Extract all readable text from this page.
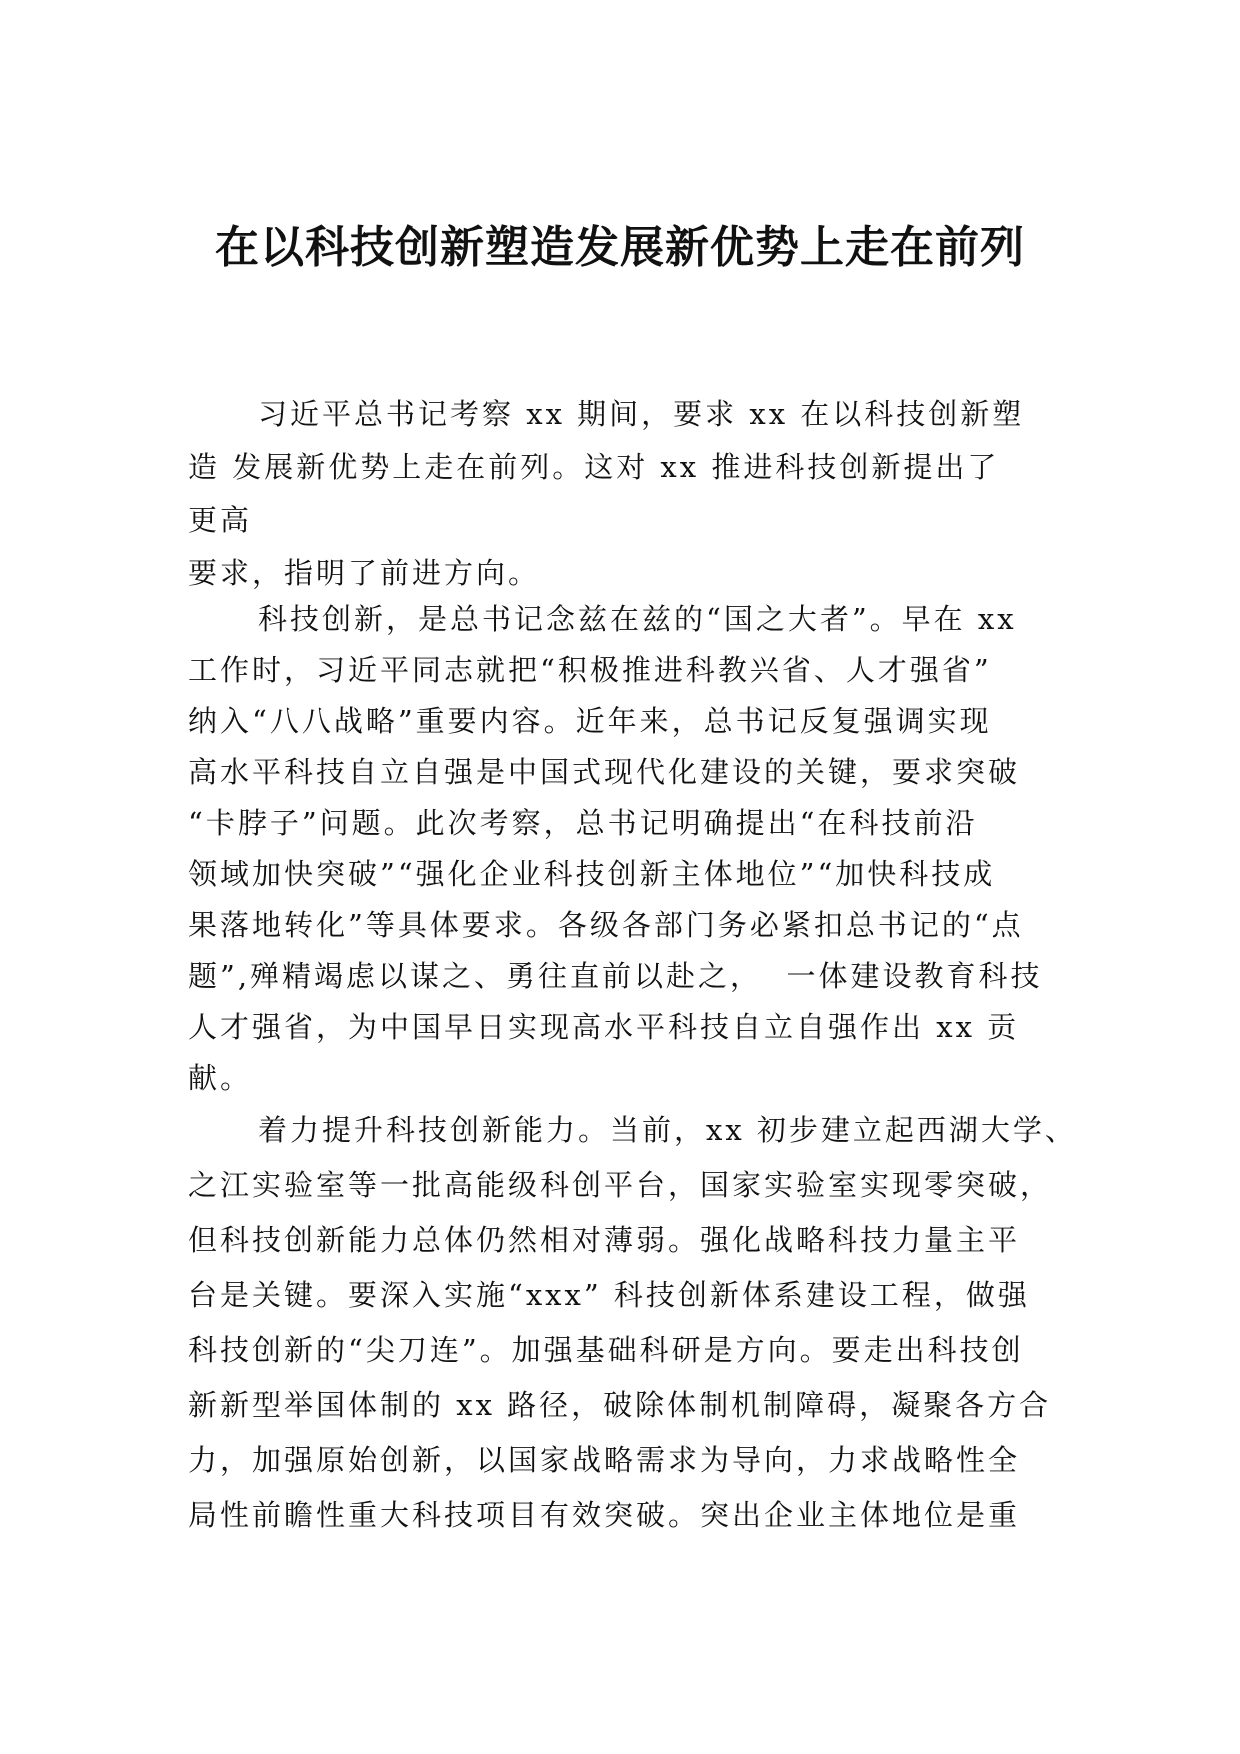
在以科技创新塑造发展新优势上走在前列
习近平总书记考察 xx 期间，要求 xx 在以科技创新塑
造 发展新优势上走在前列。这对 xx 推进科技创新提出了
更高
要求，指明了前进方向。
科技创新，是总书记念兹在兹的“国之大者”。早在 xx
工作时，习近平同志就把“积极推进科教兴省、人才强省”
纳入“八八战略”重要内容。近年来，总书记反复强调实现
高水平科技自立自强是中国式现代化建设的关键，要求突破
“卡脖子”问题。此次考察，总书记明确提出“在科技前沿
领域加快突破”“强化企业科技创新主体地位”“加快科技成
果落地转化”等具体要求。各级各部门务必紧扣总书记的“点
题”,殚精竭虑以谋之、勇往直前以赴之，  一体建设教育科技
人才强省，为中国早日实现高水平科技自立自强作出 xx 贡
献。
着力提升科技创新能力。当前，xx 初步建立起西湖大学、
之江实验室等一批高能级科创平台，国家实验室实现零突破，
但科技创新能力总体仍然相对薄弱。强化战略科技力量主平
台是关键。要深入实施“xxx” 科技创新体系建设工程，做强
科技创新的“尖刀连”。加强基础科研是方向。要走出科技创
新新型举国体制的 xx 路径，破除体制机制障碍，凝聚各方合
力，加强原始创新，以国家战略需求为导向，力求战略性全
局性前瞻性重大科技项目有效突破。突出企业主体地位是重
